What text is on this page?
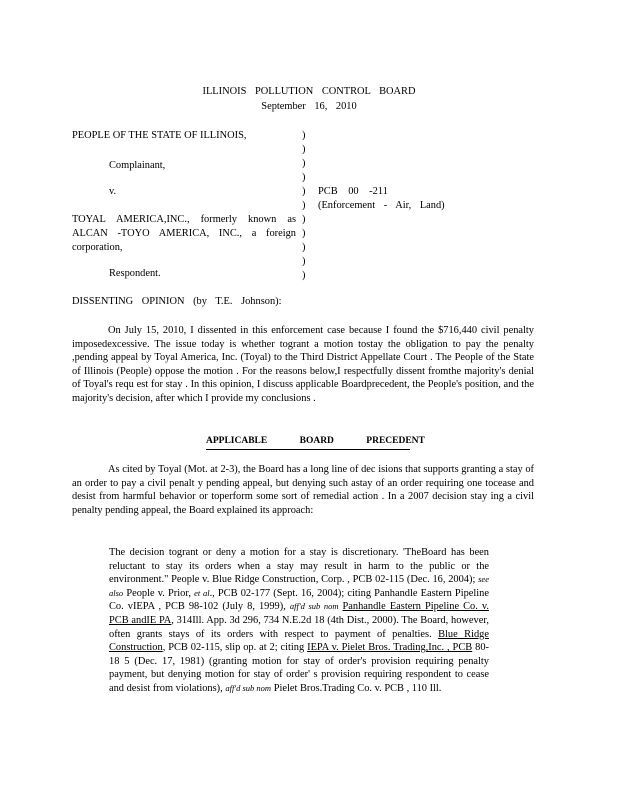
ILLINOIS POLLUTION CONTROL BOARD
September 16, 2010
PEOPLE OF THE STATE OF ILLINOIS,
Complainant,
v.
TOYAL AMERICA,INC., formerly known as
ALCAN -TOYO AMERICA, INC., a foreign
corporation,
Respondent.
)
)
)
)
)
)
)
)
)
)
)
PCB 00 -211
(Enforcement - Air, Land)
DISSENTING OPINION (by T.E. Johnson):
On July 15, 2010, I dissented in this enforcement case because I found the $716,440 civil penalty imposedexcessive. The issue today is whether togrant a motion tostay the obligation to pay the penalty ,pending appeal by Toyal America, Inc. (Toyal) to the Third District Appellate Court . The People of the State of Illinois (People) oppose the motion . For the reasons below,I respectfully dissent fromthe majority's denial of Toyal's requ est for stay . In this opinion, I discuss applicable Boardprecedent, the People's position, and the majority's decision, after which I provide my conclusions .
APPLICABLE BOARD PRECEDENT
As cited by Toyal (Mot. at 2-3), the Board has a long line of dec isions that supports granting a stay of an order to pay a civil penalt y pending appeal, but denying such astay of an order requiring one tocease and desist from harmful behavior or toperform some sort of remedial action . In a 2007 decision stay ing a civil penalty pending appeal, the Board explained its approach:
The decision togrant or deny a motion for a stay is discretionary. 'TheBoard has been reluctant to stay its orders when a stay may result in harm to the public or the environment." People v. Blue Ridge Construction, Corp. , PCB 02-115 (Dec. 16, 2004); see also People v. Prior, et al., PCB 02-177 (Sept. 16, 2004); citing Panhandle Eastern Pipeline Co. vIEPA , PCB 98-102 (July 8, 1999), aff'd sub nom Panhandle Eastern Pipeline Co. v. PCB andIE PA, 314Ill. App. 3d 296, 734 N.E.2d 18 (4th Dist., 2000). The Board, however, often grants stays of its orders with respect to payment of penalties. Blue Ridge Construction, PCB 02-115, slip op. at 2; citing IEPA v. Pielet Bros. Trading,Inc. , PCB 80-18 5 (Dec. 17, 1981) (granting motion for stay of order's provision requiring penalty payment, but denying motion for stay of order' s provision requiring respondent to cease and desist from violations), aff'd sub nom Pielet Bros.Trading Co. v. PCB , 110 Ill.
